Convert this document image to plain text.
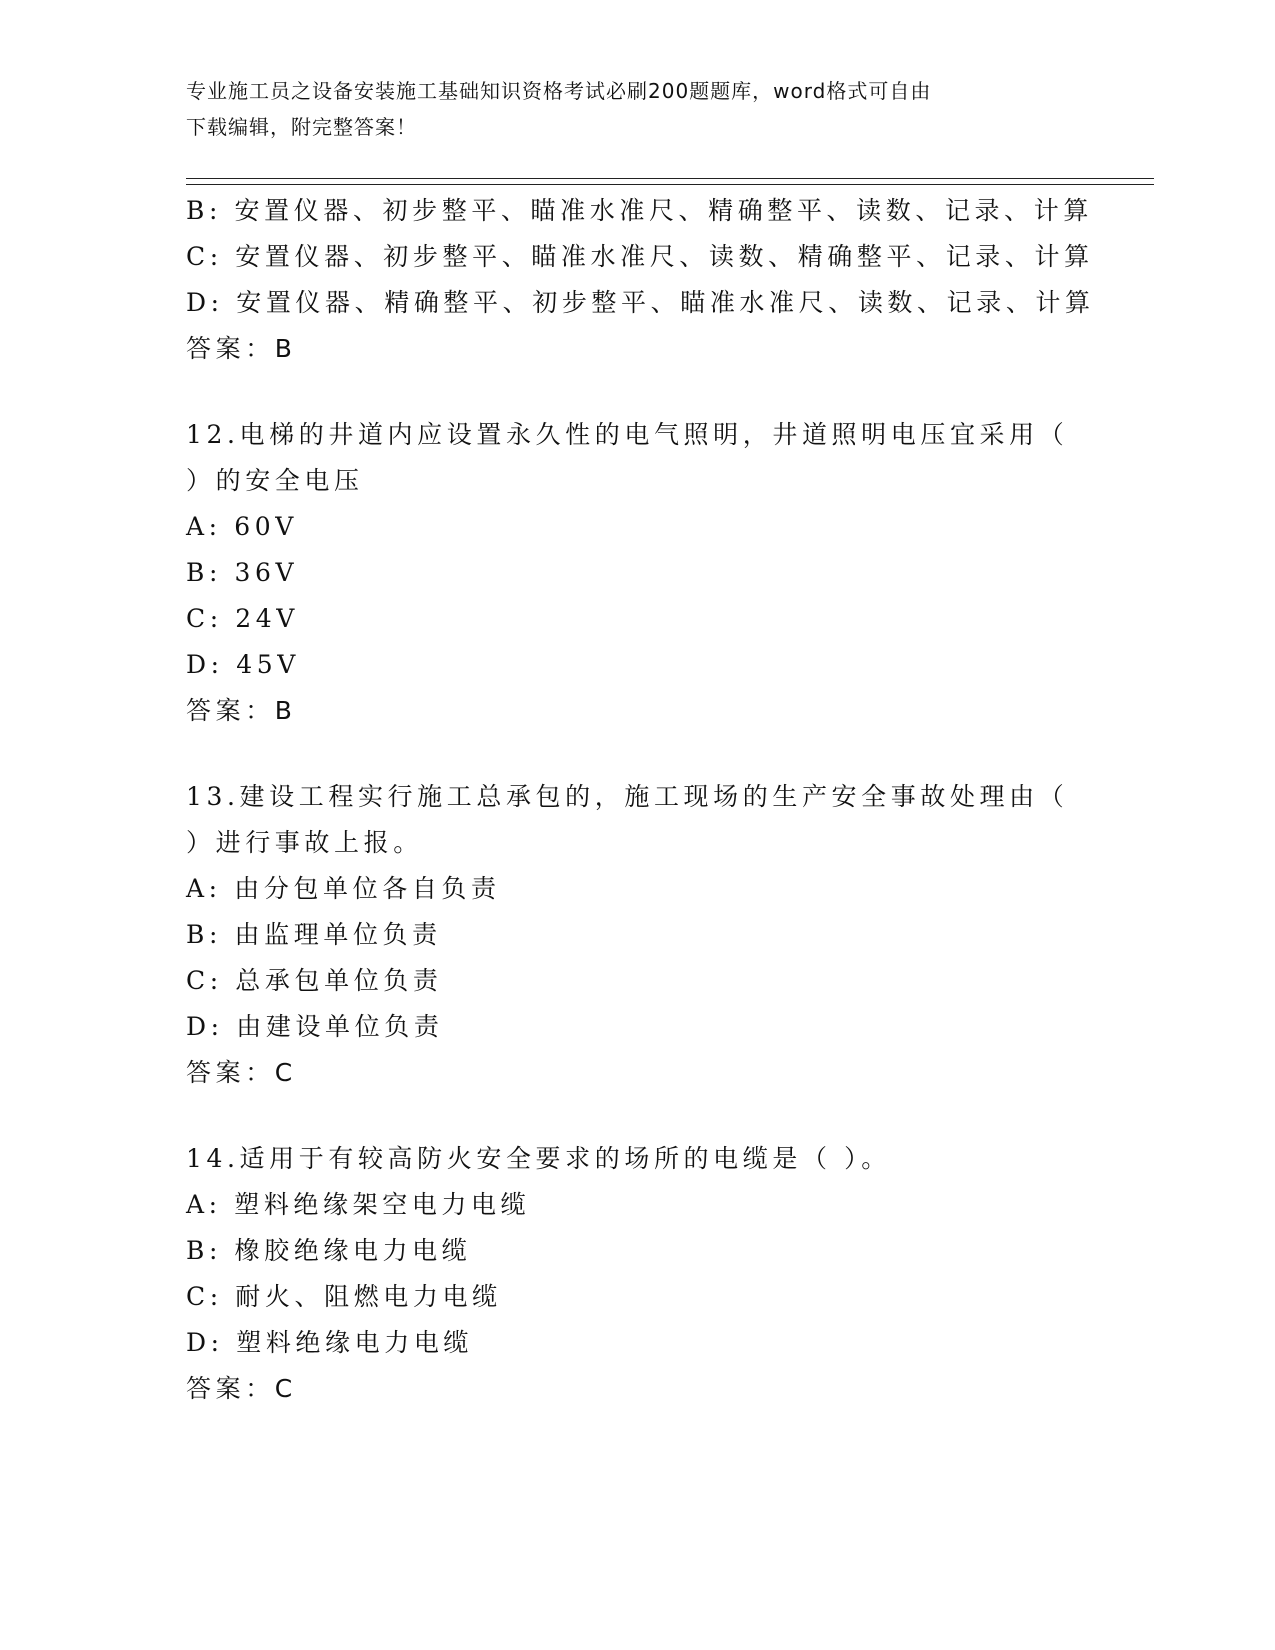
专业施工员之设备安装施工基础知识资格考试必刷200题题库，word格式可自由
下载编辑，附完整答案！
B: 安置仪器、初步整平、瞄准水准尺、精确整平、读数、记录、计算
C: 安置仪器、初步整平、瞄准水准尺、读数、精确整平、记录、计算
D: 安置仪器、精确整平、初步整平、瞄准水准尺、读数、记录、计算
答案：B
12.电梯的井道内应设置永久性的电气照明，井道照明电压宜采用（
）的安全电压
A: 60V
B: 36V
C: 24V
D: 45V
答案：B
13.建设工程实行施工总承包的，施工现场的生产安全事故处理由（
）进行事故上报。
A: 由分包单位各自负责
B: 由监理单位负责
C: 总承包单位负责
D: 由建设单位负责
答案：C
14.适用于有较高防火安全要求的场所的电缆是（ ）。
A: 塑料绝缘架空电力电缆
B: 橡胶绝缘电力电缆
C: 耐火、阻燃电力电缆
D: 塑料绝缘电力电缆
答案：C
